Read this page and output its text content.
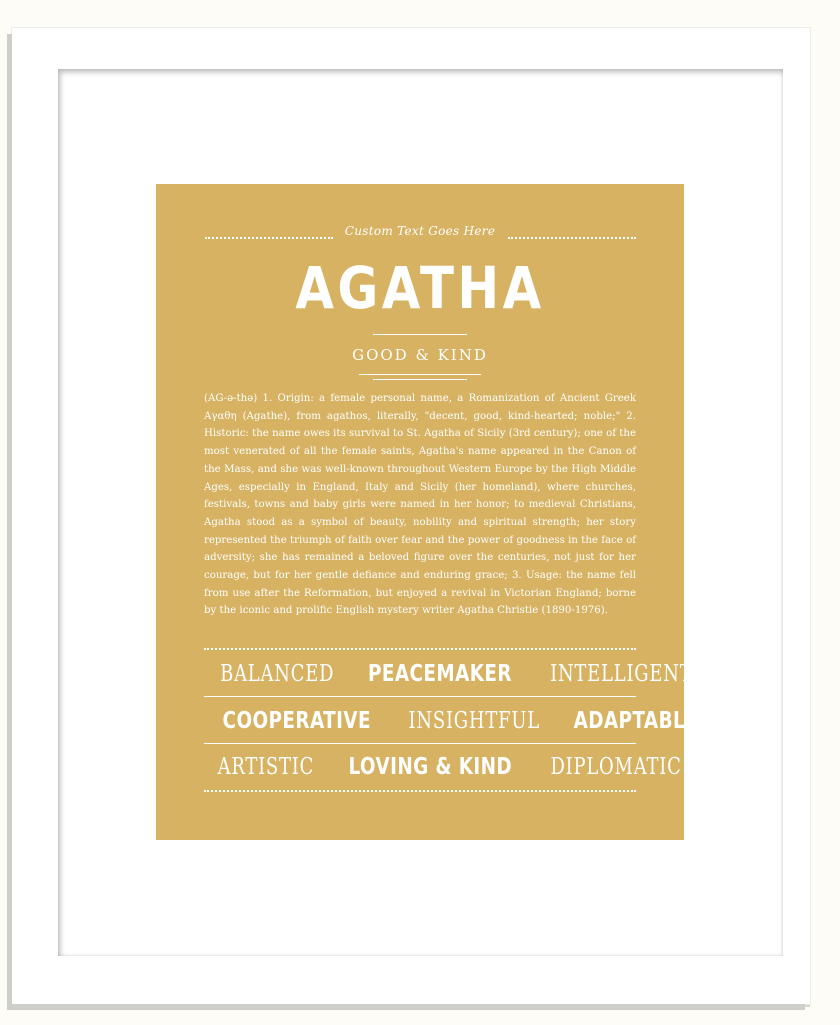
Custom Text Goes Here
AGATHA
GOOD & KIND
(AG-ə-thə) 1. Origin: a female personal name, a Romanization of Ancient Greek Αγαθη (Agathe), from agathos, literally, "decent, good, kind-hearted; noble;" 2. Historic: the name owes its survival to St. Agatha of Sicily (3rd century); one of the most venerated of all the female saints, Agatha's name appeared in the Canon of the Mass, and she was well-known throughout Western Europe by the High Middle Ages, especially in England, Italy and Sicily (her homeland), where churches, festivals, towns and baby girls were named in her honor; to medieval Christians, Agatha stood as a symbol of beauty, nobility and spiritual strength; her story represented the triumph of faith over fear and the power of goodness in the face of adversity; she has remained a beloved figure over the centuries, not just for her courage, but for her gentle defiance and enduring grace; 3. Usage: the name fell from use after the Reformation, but enjoyed a revival in Victorian England; borne by the iconic and prolific English mystery writer Agatha Christie (1890-1976).
BALANCED PEACEMAKER INTELLIGENT
COOPERATIVE INSIGHTFUL ADAPTABLE
ARTISTIC LOVING & KIND DIPLOMATIC
